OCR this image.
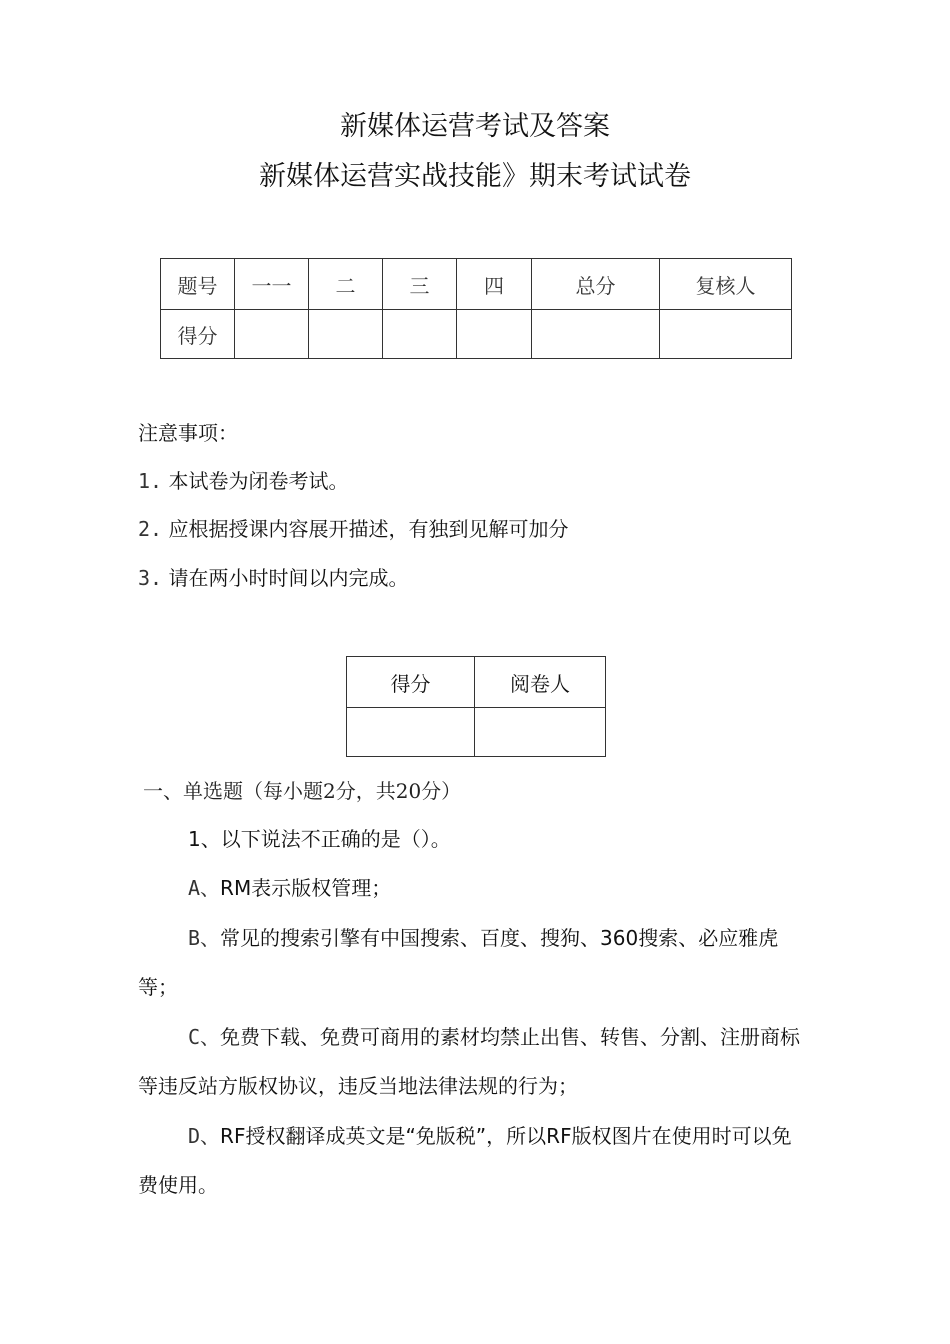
新媒体运营考试及答案
新媒体运营实战技能》期末考试试卷
题号	一一	二	三	四	总分	复核人
得分						
注意事项：
1. 本试卷为闭卷考试。
2. 应根据授课内容展开描述，有独到见解可加分
3. 请在两小时时间以内完成。
得分	阅卷人

一、单选题（每小题2分，共20分）
1、以下说法不正确的是（）。
A、RM表示版权管理；
B、常见的搜索引擎有中国搜索、百度、搜狗、360搜索、必应雅虎等；
C、免费下载、免费可商用的素材均禁止出售、转售、分割、注册商标等违反站方版权协议，违反当地法律法规的行为；
D、RF授权翻译成英文是“免版税”，所以RF版权图片在使用时可以免费使用。
